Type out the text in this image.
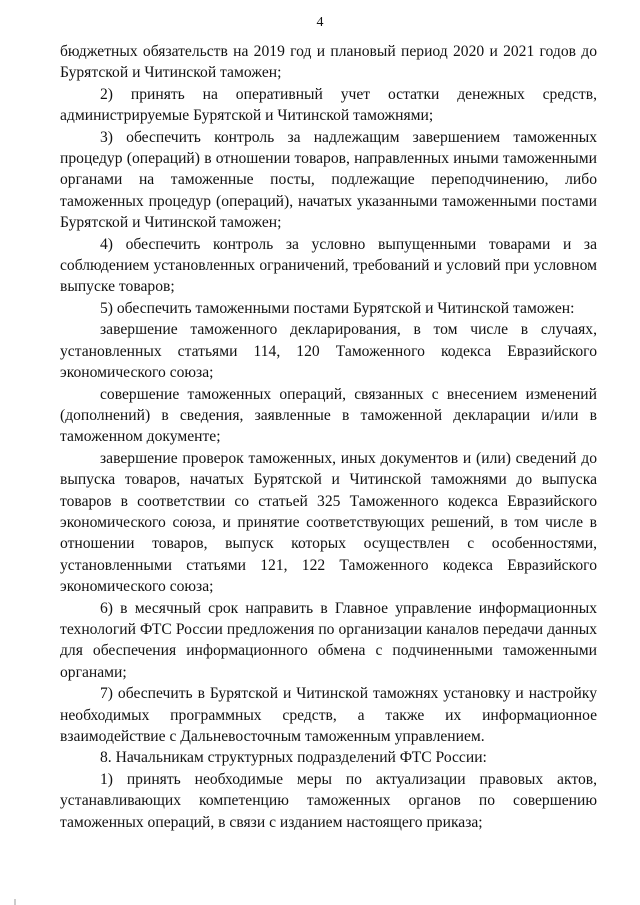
4

бюджетных обязательств на 2019 год и плановый период 2020 и 2021 годов до Бурятской и Читинской таможен;

2) принять на оперативный учет остатки денежных средств, администрируемые Бурятской и Читинской таможнями;

3) обеспечить контроль за надлежащим завершением таможенных процедур (операций) в отношении товаров, направленных иными таможенными органами на таможенные посты, подлежащие переподчинению, либо таможенных процедур (операций), начатых указанными таможенными постами Бурятской и Читинской таможен;

4) обеспечить контроль за условно выпущенными товарами и за соблюдением установленных ограничений, требований и условий при условном выпуске товаров;

5) обеспечить таможенными постами Бурятской и Читинской таможен:

завершение таможенного декларирования, в том числе в случаях, установленных статьями 114, 120 Таможенного кодекса Евразийского экономического союза;

совершение таможенных операций, связанных с внесением изменений (дополнений) в сведения, заявленные в таможенной декларации и/или в таможенном документе;

завершение проверок таможенных, иных документов и (или) сведений до выпуска товаров, начатых Бурятской и Читинской таможнями до выпуска товаров в соответствии со статьей 325 Таможенного кодекса Евразийского экономического союза, и принятие соответствующих решений, в том числе в отношении товаров, выпуск которых осуществлен с особенностями, установленными статьями 121, 122 Таможенного кодекса Евразийского экономического союза;

6) в месячный срок направить в Главное управление информационных технологий ФТС России предложения по организации каналов передачи данных для обеспечения информационного обмена с подчиненными таможенными органами;

7) обеспечить в Бурятской и Читинской таможнях установку и настройку необходимых программных средств, а также их информационное взаимодействие с Дальневосточным таможенным управлением.

8. Начальникам структурных подразделений ФТС России:

1) принять необходимые меры по актуализации правовых актов, устанавливающих компетенцию таможенных органов по совершению таможенных операций, в связи с изданием настоящего приказа;
